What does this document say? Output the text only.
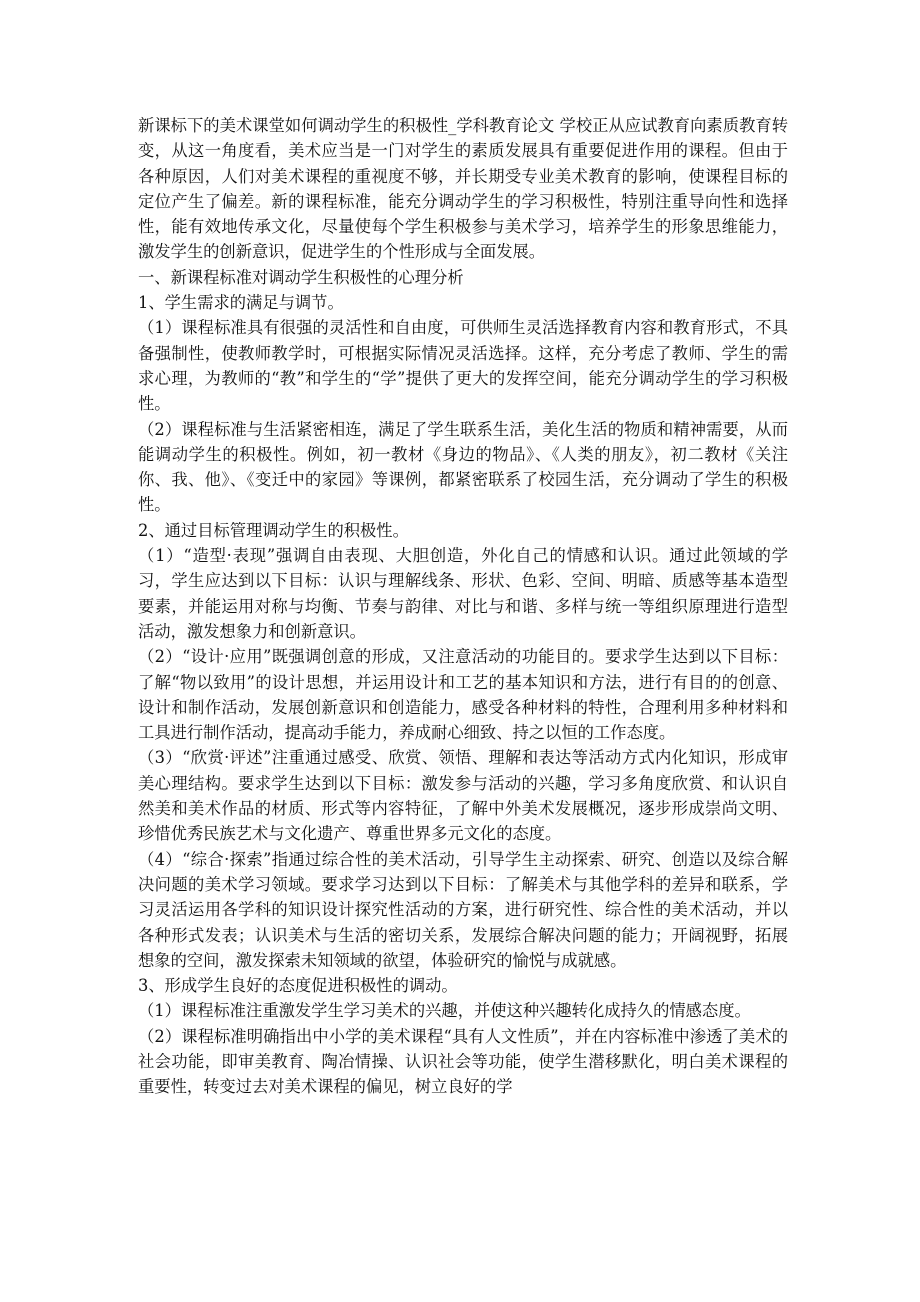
新课标下的美术课堂如何调动学生的积极性_学科教育论文 学校正从应试教育向素质教育转变，从这一角度看，美术应当是一门对学生的素质发展具有重要促进作用的课程。但由于各种原因，人们对美术课程的重视度不够，并长期受专业美术教育的影响，使课程目标的定位产生了偏差。新的课程标准，能充分调动学生的学习积极性，特别注重导向性和选择性，能有效地传承文化，尽量使每个学生积极参与美术学习，培养学生的形象思维能力，激发学生的创新意识，促进学生的个性形成与全面发展。

一、新课程标准对调动学生积极性的心理分析

1、学生需求的满足与调节。

（1）课程标准具有很强的灵活性和自由度，可供师生灵活选择教育内容和教育形式，不具备强制性，使教师教学时，可根据实际情况灵活选择。这样，充分考虑了教师、学生的需求心理，为教师的“教”和学生的“学”提供了更大的发挥空间，能充分调动学生的学习积极性。

（2）课程标准与生活紧密相连，满足了学生联系生活，美化生活的物质和精神需要，从而能调动学生的积极性。例如，初一教材《身边的物品》、《人类的朋友》，初二教材《关注你、我、他》、《变迁中的家园》等课例，都紧密联系了校园生活，充分调动了学生的积极性。

2、通过目标管理调动学生的积极性。

（1）“造型·表现”强调自由表现、大胆创造，外化自己的情感和认识。通过此领域的学习，学生应达到以下目标：认识与理解线条、形状、色彩、空间、明暗、质感等基本造型要素，并能运用对称与均衡、节奏与韵律、对比与和谐、多样与统一等组织原理进行造型活动，激发想象力和创新意识。

（2）“设计·应用”既强调创意的形成，又注意活动的功能目的。要求学生达到以下目标：了解“物以致用”的设计思想，并运用设计和工艺的基本知识和方法，进行有目的的创意、设计和制作活动，发展创新意识和创造能力，感受各种材料的特性，合理利用多种材料和工具进行制作活动，提高动手能力，养成耐心细致、持之以恒的工作态度。

（3）“欣赏·评述”注重通过感受、欣赏、领悟、理解和表达等活动方式内化知识，形成审美心理结构。要求学生达到以下目标：激发参与活动的兴趣，学习多角度欣赏、和认识自然美和美术作品的材质、形式等内容特征，了解中外美术发展概况，逐步形成崇尚文明、珍惜优秀民族艺术与文化遗产、尊重世界多元文化的态度。

（4）“综合·探索”指通过综合性的美术活动，引导学生主动探索、研究、创造以及综合解决问题的美术学习领域。要求学习达到以下目标：了解美术与其他学科的差异和联系，学习灵活运用各学科的知识设计探究性活动的方案，进行研究性、综合性的美术活动，并以各种形式发表；认识美术与生活的密切关系，发展综合解决问题的能力；开阔视野，拓展想象的空间，激发探索未知领域的欲望，体验研究的愉悦与成就感。

3、形成学生良好的态度促进积极性的调动。

（1）课程标准注重激发学生学习美术的兴趣，并使这种兴趣转化成持久的情感态度。

（2）课程标准明确指出中小学的美术课程“具有人文性质”，并在内容标准中渗透了美术的社会功能，即审美教育、陶冶情操、认识社会等功能，使学生潜移默化，明白美术课程的重要性，转变过去对美术课程的偏见，树立良好的学
